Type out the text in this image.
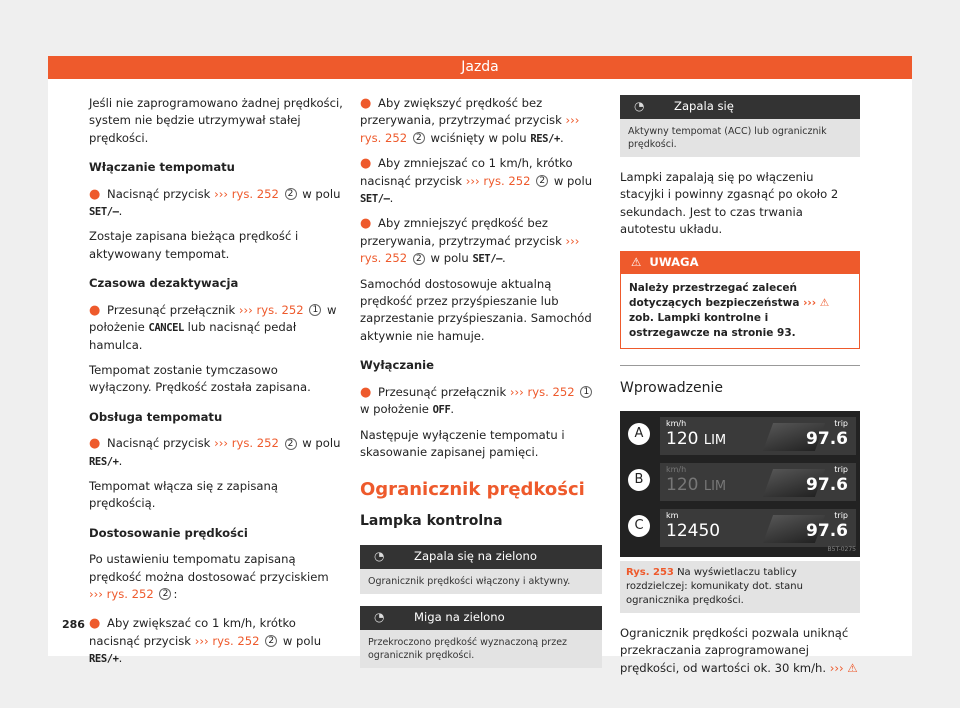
Jazda

Jeśli nie zaprogramowano żadnej prędkości, system nie będzie utrzymywał stałej prędkości.

Włączanie tempomatu

● Nacisnąć przycisk ››› rys. 252 2 w polu SET/–.

Zostaje zapisana bieżąca prędkość i aktywowany tempomat.

Czasowa dezaktywacja

● Przesunąć przełącznik ››› rys. 252 1 w położenie CANCEL lub nacisnąć pedał hamulca.

Tempomat zostanie tymczasowo wyłączony. Prędkość została zapisana.

Obsługa tempomatu

● Nacisnąć przycisk ››› rys. 252 2 w polu RES/+.

Tempomat włącza się z zapisaną prędkością.

Dostosowanie prędkości

Po ustawieniu tempomatu zapisaną prędkość można dostosować przyciskiem ››› rys. 252 2 :

● Aby zwiększać co 1 km/h, krótko nacisnąć przycisk ››› rys. 252 2 w polu RES/+.

● Aby zwiększyć prędkość bez przerywania, przytrzymać przycisk ››› rys. 252 2 wciśnięty w polu RES/+.

● Aby zmniejszać co 1 km/h, krótko nacisnąć przycisk ››› rys. 252 2 w polu SET/–.

● Aby zmniejszyć prędkość bez przerywania, przytrzymać przycisk ››› rys. 252 2 w polu SET/–.

Samochód dostosowuje aktualną prędkość przez przyśpieszanie lub zaprzestanie przyśpieszania. Samochód aktywnie nie hamuje.

Wyłączanie

● Przesunąć przełącznik ››› rys. 252 1 w położenie OFF.

Następuje wyłączenie tempomatu i skasowanie zapisanej pamięci.

Ogranicznik prędkości
Lampka kontrolna
◔	Zapala się na zielono
Ogranicznik prędkości włączony i aktywny.
◔	Miga na zielono
Przekroczono prędkość wyznaczoną przez ogranicznik prędkości.
◔	Zapala się
Aktywny tempomat (ACC) lub ogranicznik prędkości.

Lampki zapalają się po włączeniu stacyjki i powinny zgasnąć po około 2 sekundach. Jest to czas trwania autotestu układu.

⚠ UWAGA
Należy przestrzegać zaleceń dotyczących bezpieczeństwa ››› ⚠ zob. Lampki kontrolne i ostrzegawcze na stronie 93.
Wprowadzenie
A
km/h
120 LIM
trip
97.6
B
km/h
120 LIM
trip
97.6
C
km
12450
trip
97.6
B5T-0275
Rys. 253 Na wyświetlaczu tablicy rozdzielczej: komunikaty dot. stanu ogranicznika prędkości.

Ogranicznik prędkości pozwala uniknąć przekraczania zaprogramowanej prędkości, od wartości ok. 30 km/h. ››› ⚠

286
